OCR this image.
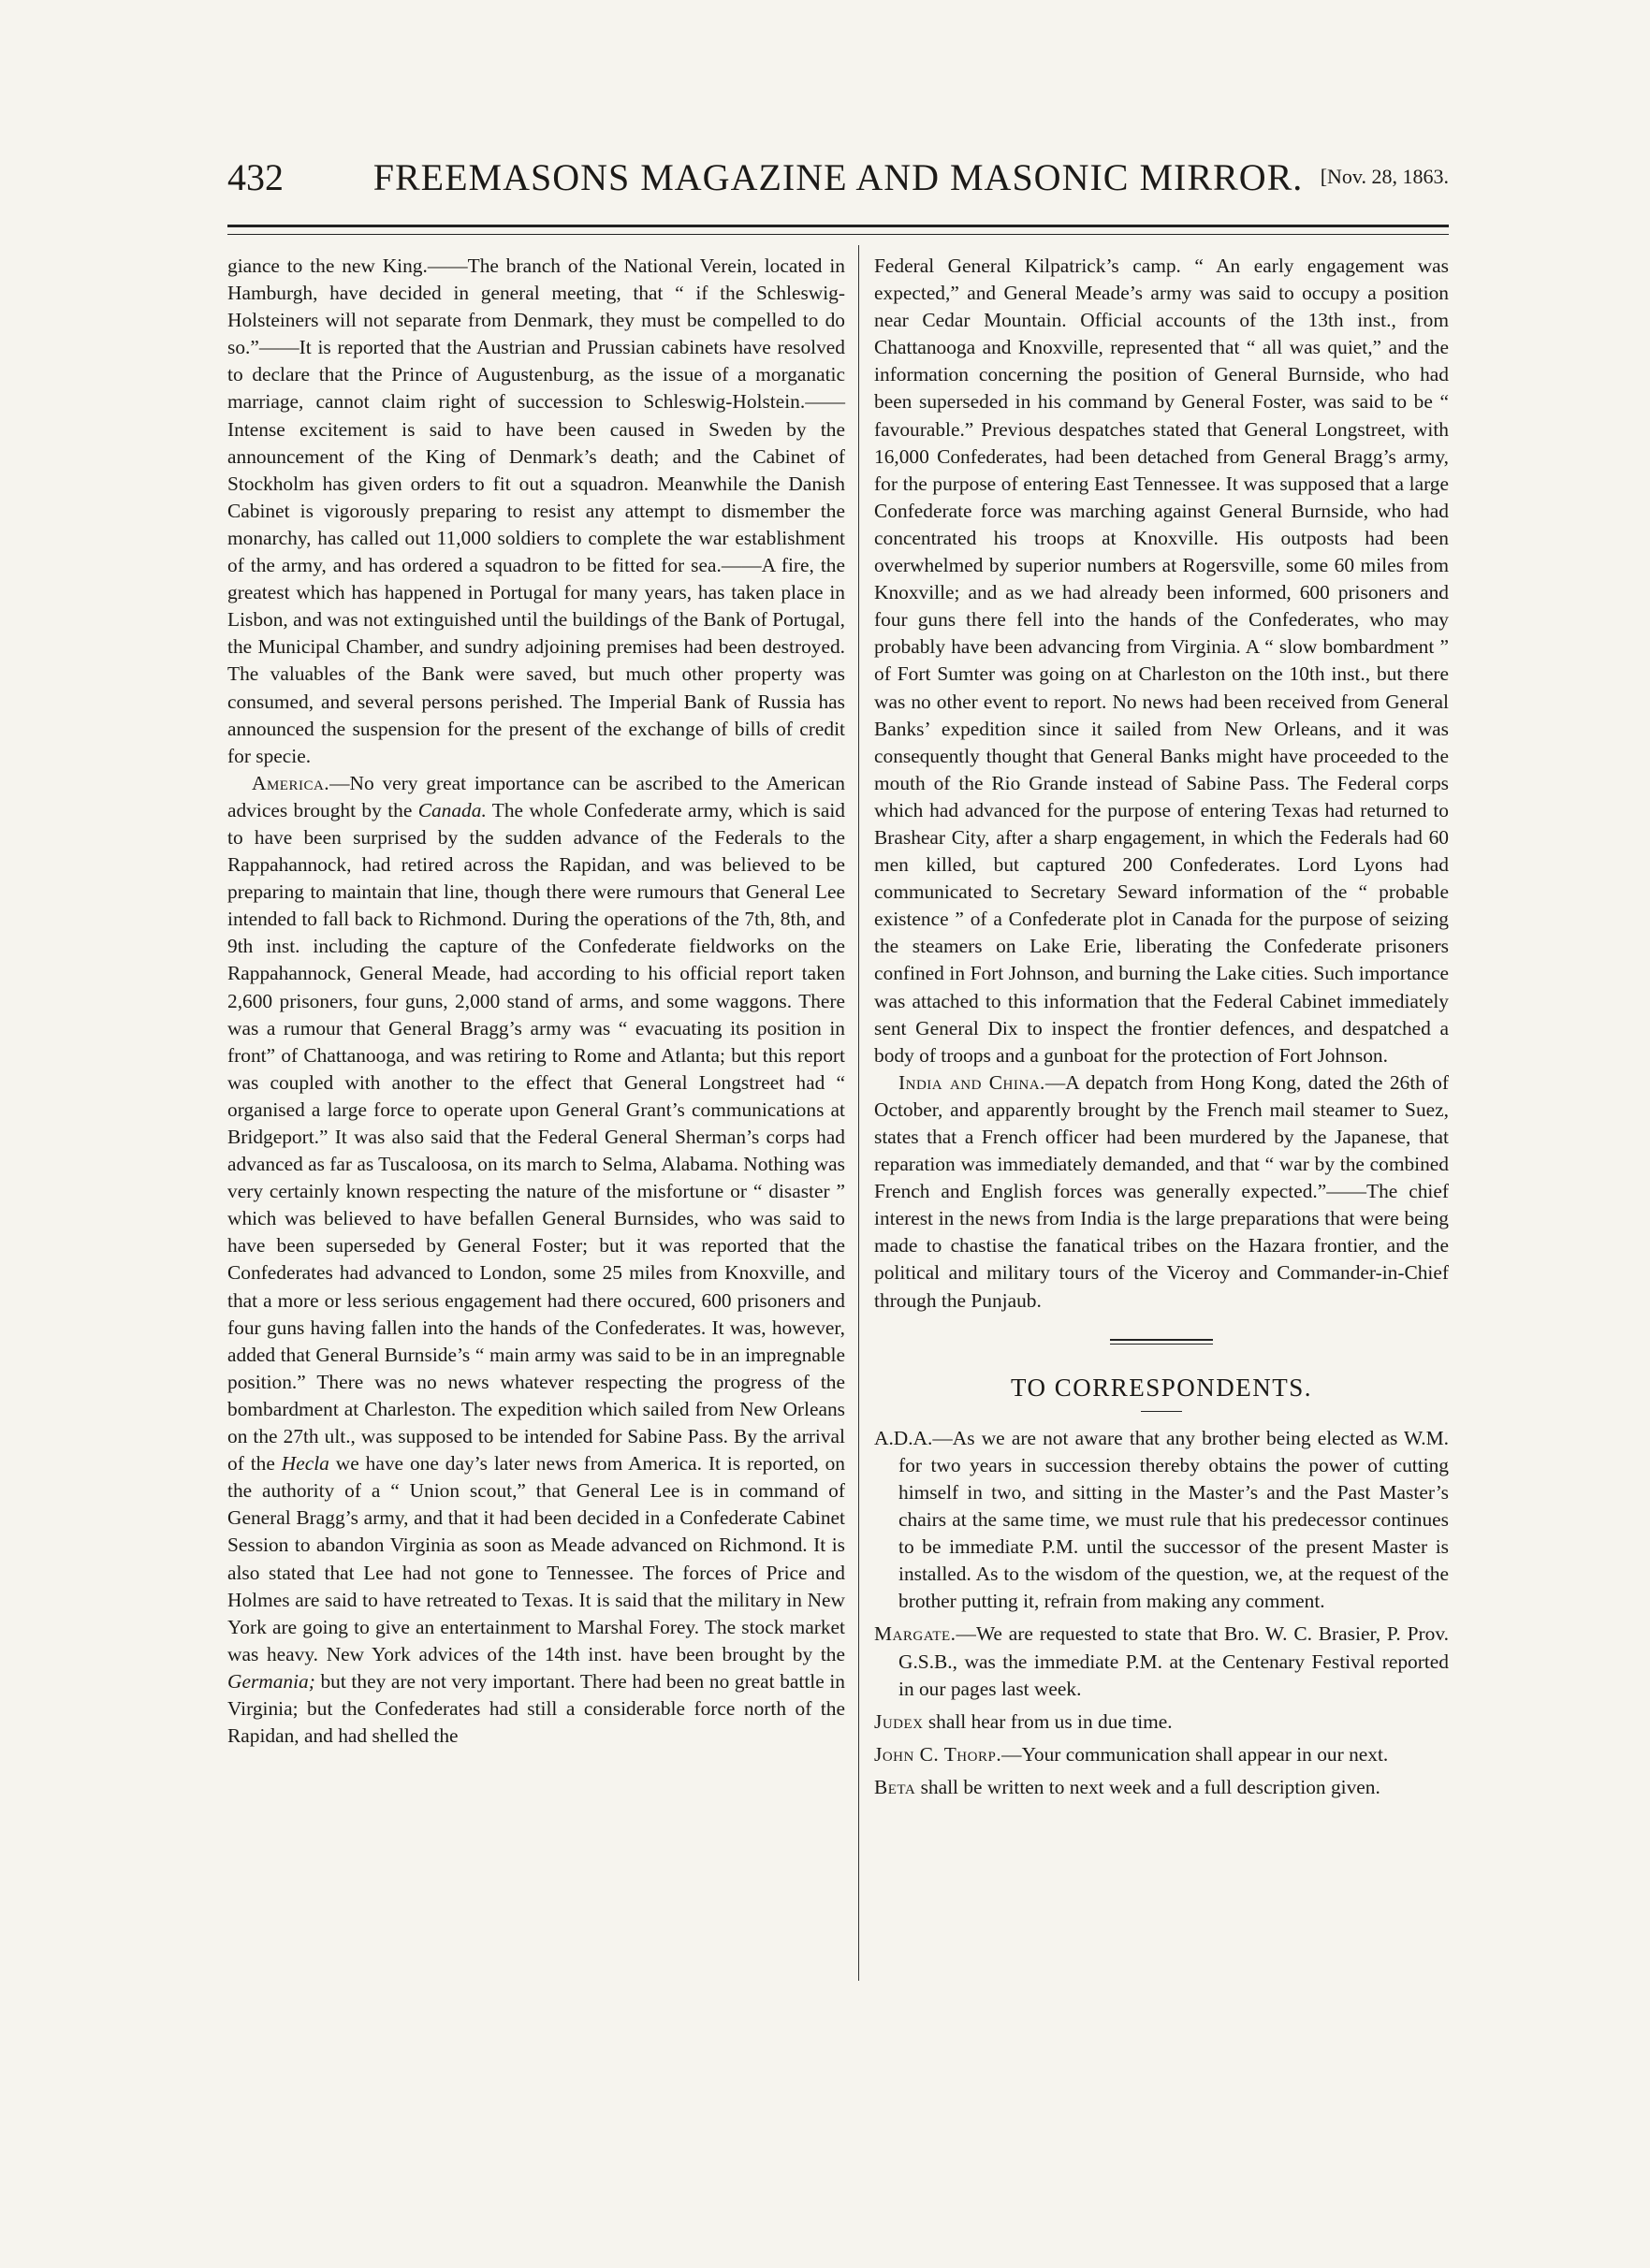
432	FREEMASONS MAGAZINE AND MASONIC MIRROR. [Nov. 28, 1863.

giance to the new King.——The branch of the National Verein, located in Hamburgh, have decided in general meeting, that “ if the Schleswig-Holsteiners will not separate from Denmark, they must be compelled to do so.”——It is reported that the Austrian and Prussian cabinets have resolved to declare that the Prince of Augustenburg, as the issue of a morganatic marriage, cannot claim right of succession to Schleswig-Holstein.—— Intense excitement is said to have been caused in Sweden by the announcement of the King of Denmark’s death; and the Cabinet of Stockholm has given orders to fit out a squadron. Meanwhile the Danish Cabinet is vigorously preparing to resist any attempt to dismember the monarchy, has called out 11,000 soldiers to complete the war establishment of the army, and has ordered a squadron to be fitted for sea.——A fire, the greatest which has happened in Portugal for many years, has taken place in Lisbon, and was not extinguished until the buildings of the Bank of Portugal, the Municipal Chamber, and sundry adjoining premises had been destroyed. The valuables of the Bank were saved, but much other property was consumed, and several persons perished. The Imperial Bank of Russia has announced the suspension for the present of the exchange of bills of credit for specie.

America.—No very great importance can be ascribed to the American advices brought by the Canada. The whole Confederate army, which is said to have been surprised by the sudden advance of the Federals to the Rappahannock, had retired across the Rapidan, and was believed to be preparing to maintain that line, though there were rumours that General Lee intended to fall back to Richmond. During the operations of the 7th, 8th, and 9th inst. including the capture of the Confederate fieldworks on the Rappahannock, General Meade, had according to his official report taken 2,600 prisoners, four guns, 2,000 stand of arms, and some waggons. There was a rumour that General Bragg’s army was “ evacuating its position in front” of Chattanooga, and was retiring to Rome and Atlanta; but this report was coupled with another to the effect that General Longstreet had “ organised a large force to operate upon General Grant’s communications at Bridgeport.” It was also said that the Federal General Sherman’s corps had advanced as far as Tuscaloosa, on its march to Selma, Alabama. Nothing was very certainly known respecting the nature of the misfortune or “ disaster ” which was believed to have befallen General Burnsides, who was said to have been superseded by General Foster; but it was reported that the Confederates had advanced to London, some 25 miles from Knoxville, and that a more or less serious engagement had there occured, 600 prisoners and four guns having fallen into the hands of the Confederates. It was, however, added that General Burnside’s “ main army was said to be in an impregnable position.” There was no news whatever respecting the progress of the bombardment at Charleston. The expedition which sailed from New Orleans on the 27th ult., was supposed to be intended for Sabine Pass. By the arrival of the Hecla we have one day’s later news from America. It is reported, on the authority of a “ Union scout,” that General Lee is in command of General Bragg’s army, and that it had been decided in a Confederate Cabinet Session to abandon Virginia as soon as Meade advanced on Richmond. It is also stated that Lee had not gone to Tennessee. The forces of Price and Holmes are said to have retreated to Texas. It is said that the military in New York are going to give an entertainment to Marshal Forey. The stock market was heavy. New York advices of the 14th inst. have been brought by the Germania; but they are not very important. There had been no great battle in Virginia; but the Confederates had still a considerable force north of the Rapidan, and had shelled the

Federal General Kilpatrick’s camp. “ An early engagement was expected,” and General Meade’s army was said to occupy a position near Cedar Mountain. Official accounts of the 13th inst., from Chattanooga and Knoxville, represented that “ all was quiet,” and the information concerning the position of General Burnside, who had been superseded in his command by General Foster, was said to be “ favourable.” Previous despatches stated that General Longstreet, with 16,000 Confederates, had been detached from General Bragg’s army, for the purpose of entering East Tennessee. It was supposed that a large Confederate force was marching against General Burnside, who had concentrated his troops at Knoxville. His outposts had been overwhelmed by superior numbers at Rogersville, some 60 miles from Knoxville; and as we had already been informed, 600 prisoners and four guns there fell into the hands of the Confederates, who may probably have been advancing from Virginia. A “ slow bombardment ” of Fort Sumter was going on at Charleston on the 10th inst., but there was no other event to report. No news had been received from General Banks’ expedition since it sailed from New Orleans, and it was consequently thought that General Banks might have proceeded to the mouth of the Rio Grande instead of Sabine Pass. The Federal corps which had advanced for the purpose of entering Texas had returned to Brashear City, after a sharp engagement, in which the Federals had 60 men killed, but captured 200 Confederates. Lord Lyons had communicated to Secretary Seward information of the “ probable existence ” of a Confederate plot in Canada for the purpose of seizing the steamers on Lake Erie, liberating the Confederate prisoners confined in Fort Johnson, and burning the Lake cities. Such importance was attached to this information that the Federal Cabinet immediately sent General Dix to inspect the frontier defences, and despatched a body of troops and a gunboat for the protection of Fort Johnson.

India and China.—A depatch from Hong Kong, dated the 26th of October, and apparently brought by the French mail steamer to Suez, states that a French officer had been murdered by the Japanese, that reparation was immediately demanded, and that “ war by the combined French and English forces was generally expected.”——The chief interest in the news from India is the large preparations that were being made to chastise the fanatical tribes on the Hazara frontier, and the political and military tours of the Viceroy and Commander-in-Chief through the Punjaub.

TO CORRESPONDENTS.

A.D.A.—As we are not aware that any brother being elected as W.M. for two years in succession thereby obtains the power of cutting himself in two, and sitting in the Master’s and the Past Master’s chairs at the same time, we must rule that his predecessor continues to be immediate P.M. until the successor of the present Master is installed. As to the wisdom of the question, we, at the request of the brother putting it, refrain from making any comment.

Margate.—We are requested to state that Bro. W. C. Brasier, P. Prov. G.S.B., was the immediate P.M. at the Centenary Festival reported in our pages last week.

Judex shall hear from us in due time.

John C. Thorp.—Your communication shall appear in our next.

Beta shall be written to next week and a full description given.
